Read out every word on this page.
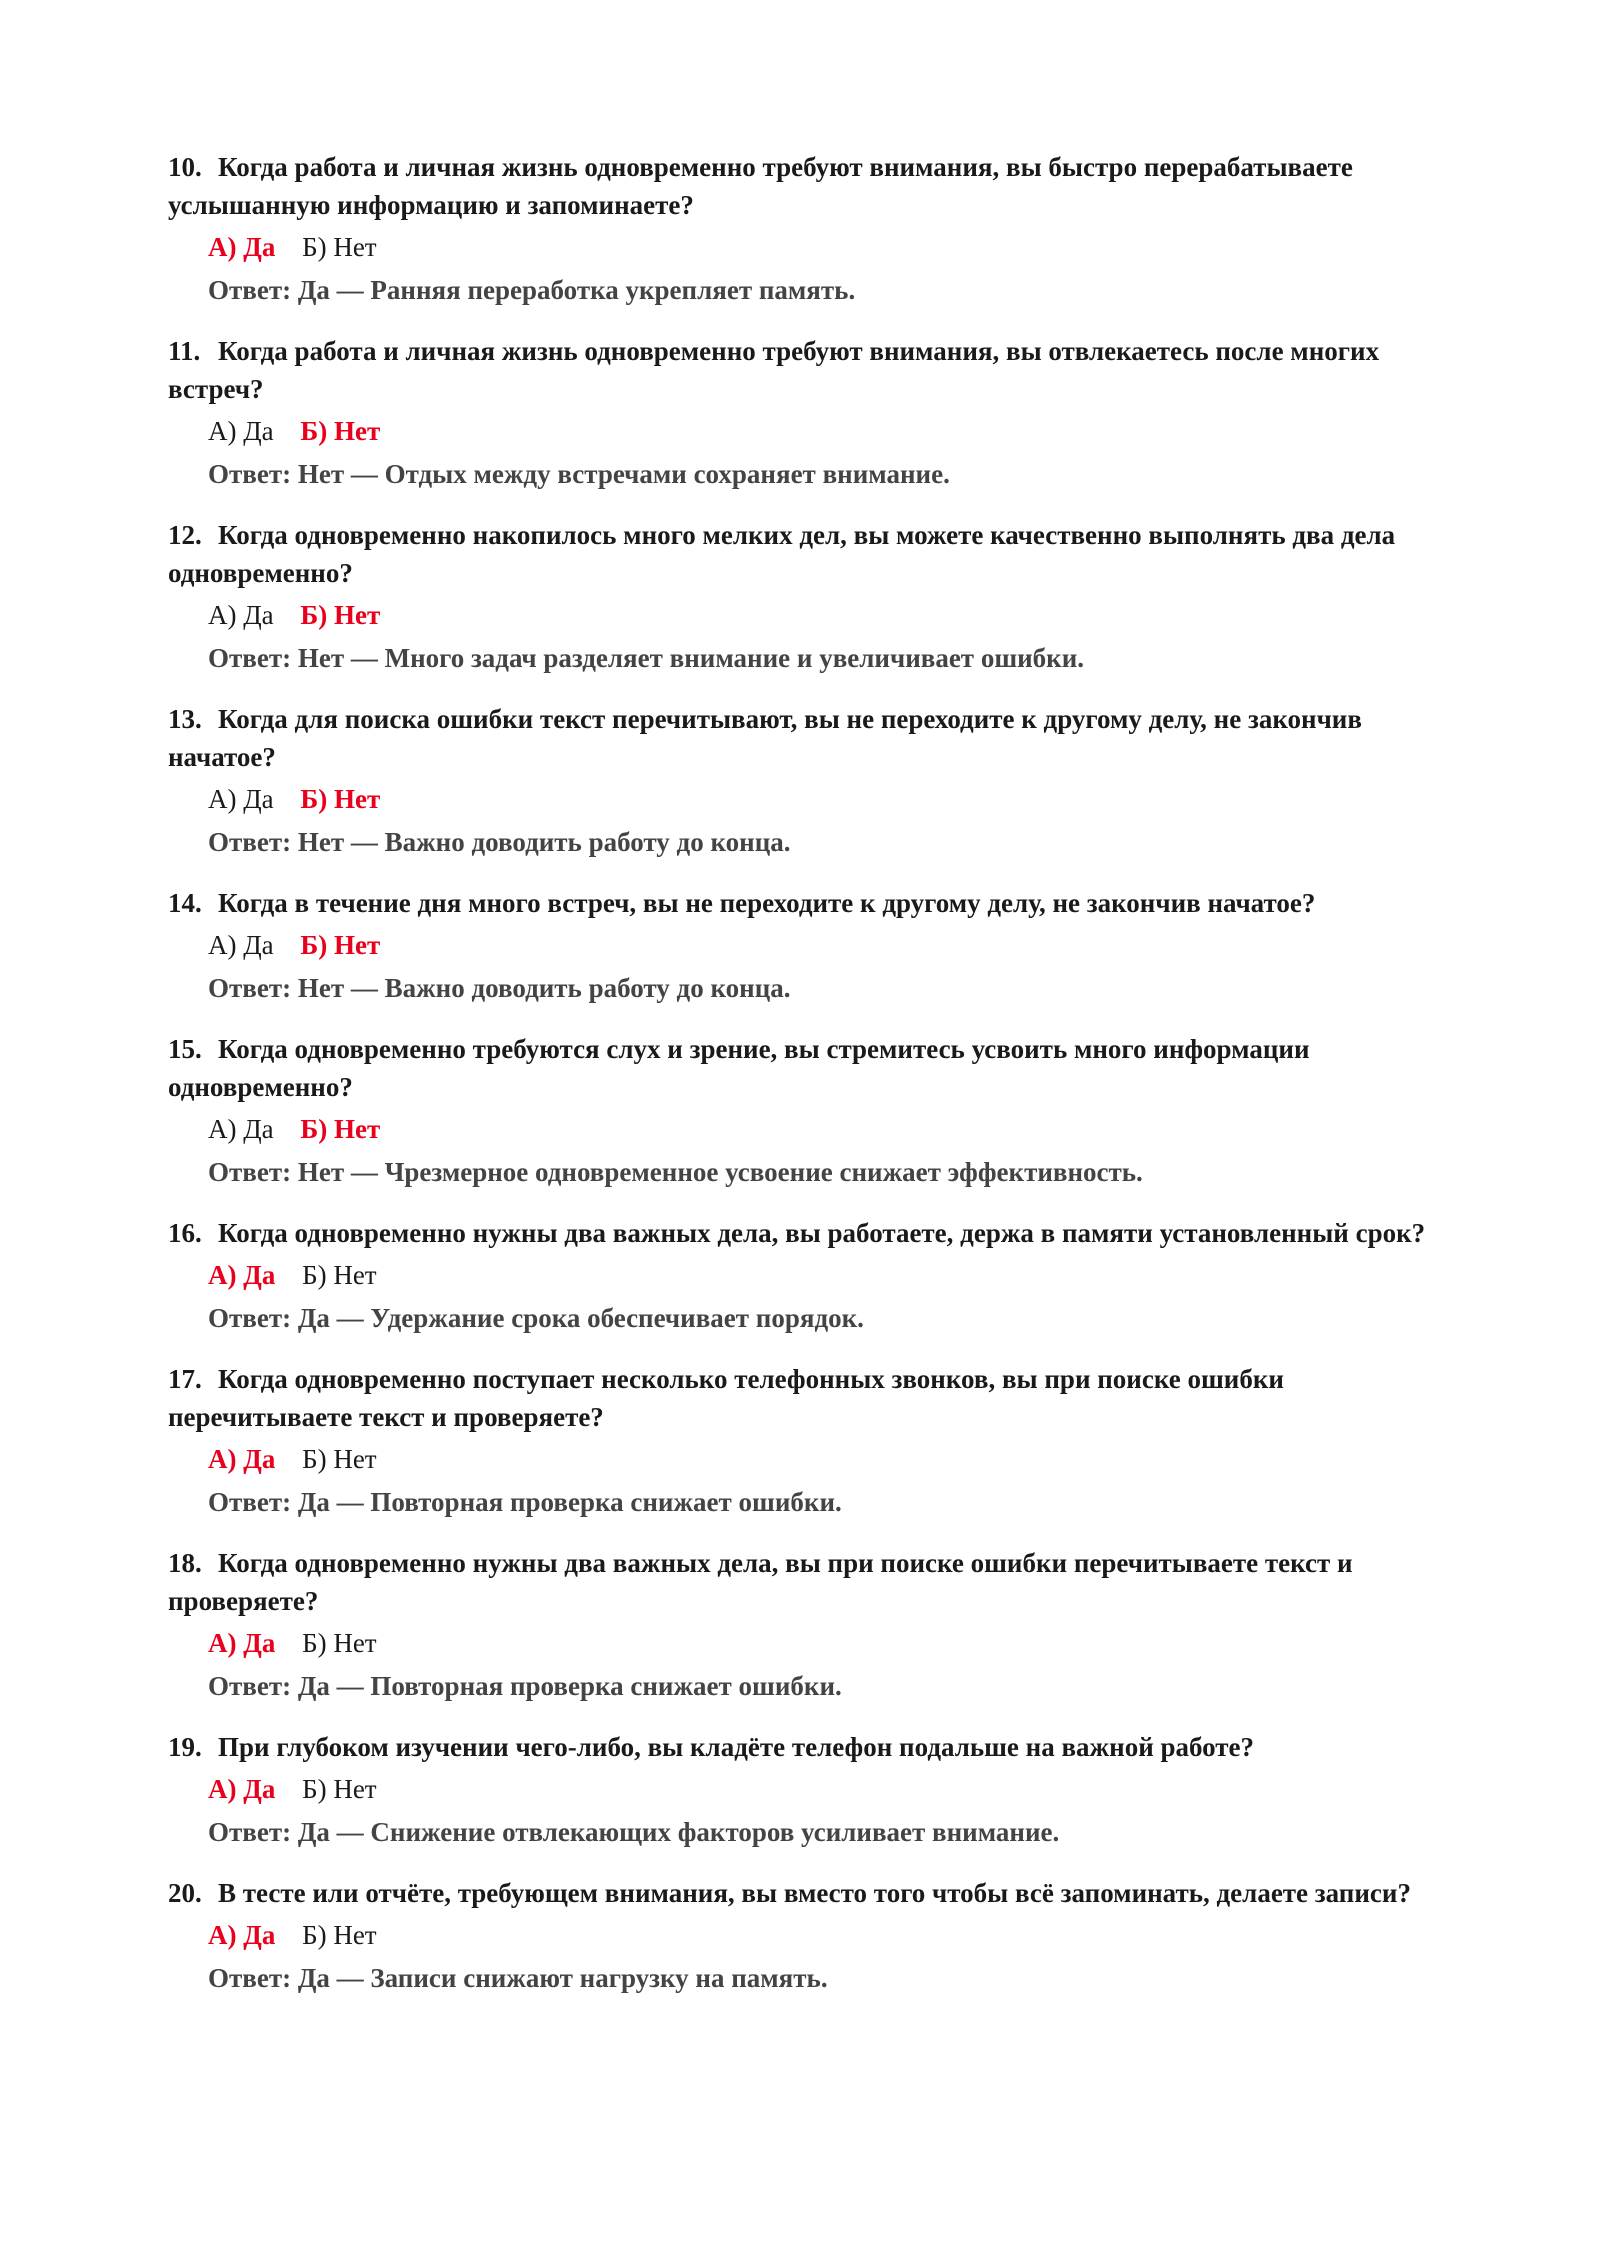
10. Когда работа и личная жизнь одновременно требуют внимания, вы быстро перерабатываете услышанную информацию и запоминаете?

А) Да Б) Нет
Ответ: Да — Ранняя переработка укрепляет память.

11. Когда работа и личная жизнь одновременно требуют внимания, вы отвлекаетесь после многих встреч?

А) Да Б) Нет
Ответ: Нет — Отдых между встречами сохраняет внимание.

12. Когда одновременно накопилось много мелких дел, вы можете качественно выполнять два дела одновременно?

А) Да Б) Нет
Ответ: Нет — Много задач разделяет внимание и увеличивает ошибки.

13. Когда для поиска ошибки текст перечитывают, вы не переходите к другому делу, не закончив начатое?

А) Да Б) Нет
Ответ: Нет — Важно доводить работу до конца.

14. Когда в течение дня много встреч, вы не переходите к другому делу, не закончив начатое?

А) Да Б) Нет
Ответ: Нет — Важно доводить работу до конца.

15. Когда одновременно требуются слух и зрение, вы стремитесь усвоить много информации одновременно?

А) Да Б) Нет
Ответ: Нет — Чрезмерное одновременное усвоение снижает эффективность.

16. Когда одновременно нужны два важных дела, вы работаете, держа в памяти установленный срок?

А) Да Б) Нет
Ответ: Да — Удержание срока обеспечивает порядок.

17. Когда одновременно поступает несколько телефонных звонков, вы при поиске ошибки перечитываете текст и проверяете?

А) Да Б) Нет
Ответ: Да — Повторная проверка снижает ошибки.

18. Когда одновременно нужны два важных дела, вы при поиске ошибки перечитываете текст и проверяете?

А) Да Б) Нет
Ответ: Да — Повторная проверка снижает ошибки.

19. При глубоком изучении чего-либо, вы кладёте телефон подальше на важной работе?

А) Да Б) Нет
Ответ: Да — Снижение отвлекающих факторов усиливает внимание.

20. В тесте или отчёте, требующем внимания, вы вместо того чтобы всё запоминать, делаете записи?

А) Да Б) Нет
Ответ: Да — Записи снижают нагрузку на память.
